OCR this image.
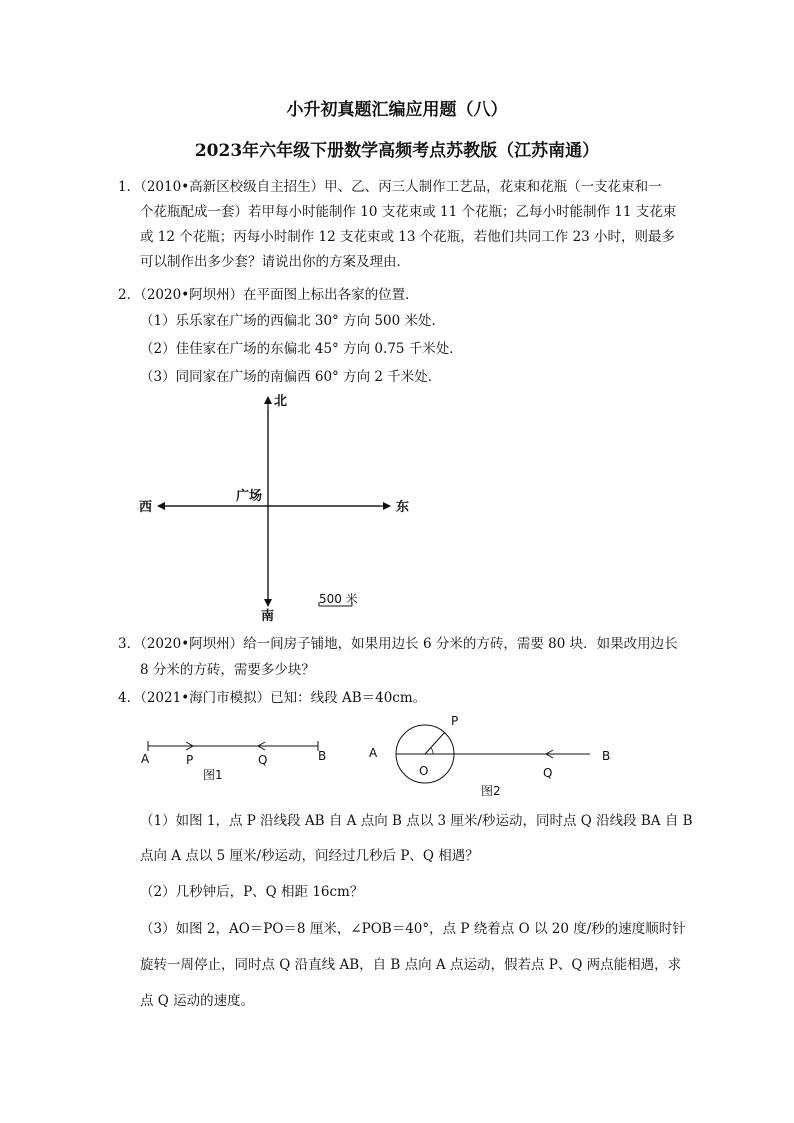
小升初真题汇编应用题（八）
2023年六年级下册数学高频考点苏教版（江苏南通）
1．（2010•高新区校级自主招生）甲、乙、丙三人制作工艺品，花束和花瓶（一支花束和一
个花瓶配成一套）若甲每小时能制作 10 支花束或 11 个花瓶；乙每小时能制作 11 支花束
或 12 个花瓶；丙每小时制作 12 支花束或 13 个花瓶，若他们共同工作 23 小时，则最多
可以制作出多少套？请说出你的方案及理由．
2．（2020•阿坝州）在平面图上标出各家的位置．
（1）乐乐家在广场的西偏北 30° 方向 500 米处．
（2）佳佳家在广场的东偏北 45° 方向 0.75 千米处．
（3）同同家在广场的南偏西 60° 方向 2 千米处．
北
南
西	东
广场
500 米
A	P	Q	B
图1
A
P
O	Q
B
图2
3．（2020•阿坝州）给一间房子铺地，如果用边长 6 分米的方砖，需要 80 块．如果改用边长
8 分米的方砖，需要多少块？
4．（2021•海门市模拟）已知：线段 AB＝40cm。
（1）如图 1，点 P 沿线段 AB 自 A 点向 B 点以 3 厘米/秒运动，同时点 Q 沿线段 BA 自 B
点向 A 点以 5 厘米/秒运动，问经过几秒后 P、Q 相遇？
（2）几秒钟后，P、Q 相距 16cm？
（3）如图 2，AO＝PO＝8 厘米，∠POB＝40°，点 P 绕着点 O 以 20 度/秒的速度顺时针
旋转一周停止，同时点 Q 沿直线 AB，自 B 点向 A 点运动，假若点 P、Q 两点能相遇，求
点 Q 运动的速度。
